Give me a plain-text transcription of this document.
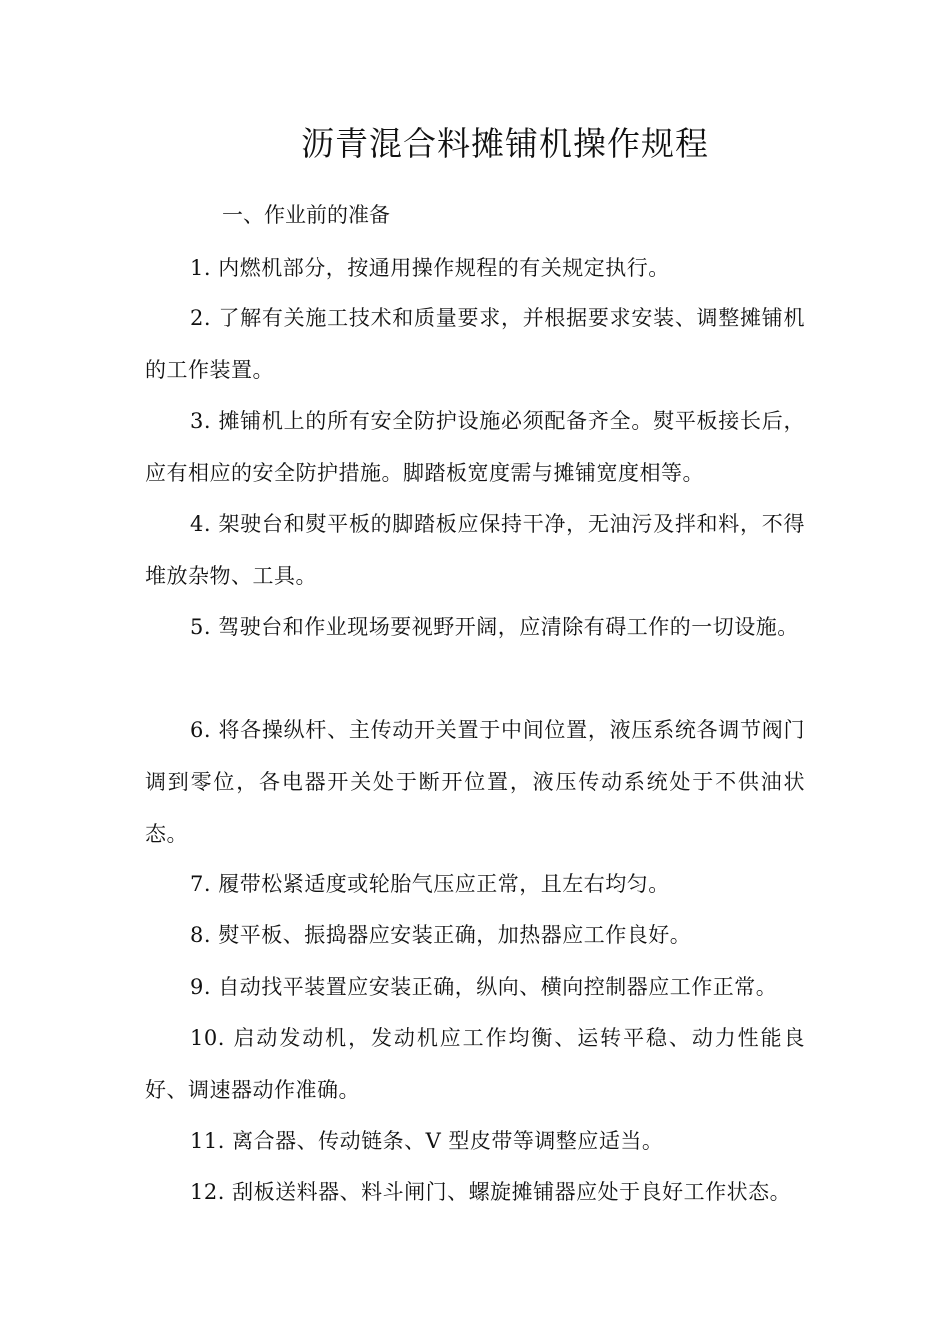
沥青混合料摊铺机操作规程
一、作业前的准备

1. 内燃机部分，按通用操作规程的有关规定执行。

2. 了解有关施工技术和质量要求，并根据要求安装、调整摊铺机 的工作装置。

3. 摊铺机上的所有安全防护设施必须配备齐全。熨平板接长后， 应有相应的安全防护措施。脚踏板宽度需与摊铺宽度相等。

4. 架驶台和熨平板的脚踏板应保持干净，无油污及拌和料，不得 堆放杂物、工具。

5. 驾驶台和作业现场要视野开阔，应清除有碍工作的一切设施。

6. 将各操纵杆、主传动开关置于中间位置，液压系统各调节阀门 调到零位，各电器开关处于断开位置，液压传动系统处于不供油状态。

7. 履带松紧适度或轮胎气压应正常，且左右均匀。

8. 熨平板、振捣器应安装正确，加热器应工作良好。

9. 自动找平装置应安装正确，纵向、横向控制器应工作正常。

10. 启动发动机，发动机应工作均衡、运转平稳、动力性能良好、调速器动作准确。

11. 离合器、传动链条、V 型皮带等调整应适当。

12. 刮板送料器、料斗闸门、螺旋摊铺器应处于良好工作状态。
